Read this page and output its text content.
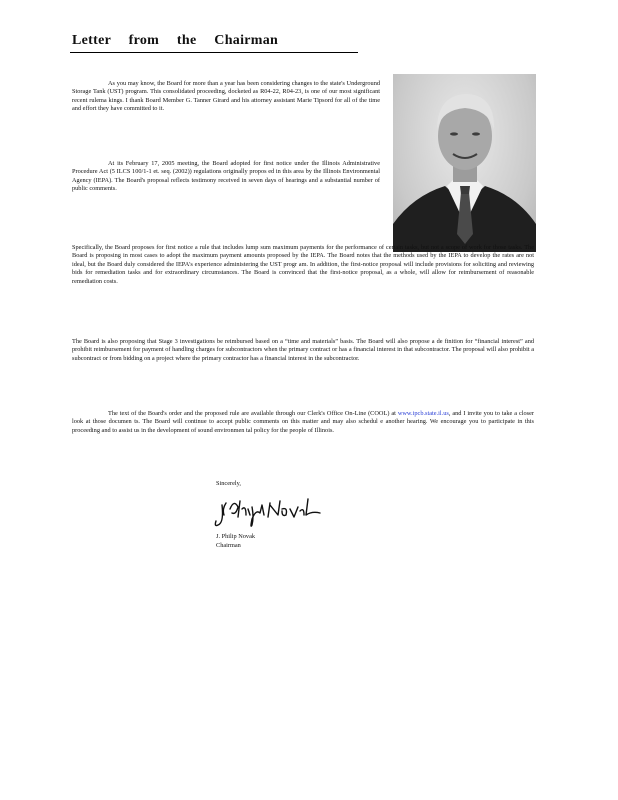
Letter from the Chairman

As you may know, the Board for more than a year has been considering changes to the state's Underground Storage Tank (UST) program. This consolidated proceeding, docketed as R04-22, R04-23, is one of our most significant recent rulema kings. I thank Board Member G. Tanner Girard and his attorney assistant Marie Tipsord for all of the time and effort they have committed to it.

At its February 17, 2005 meeting, the Board adopted for first notice under the Illinois Administrative Procedure Act (5 ILCS 100/1-1 et. seq. (2002)) regulations originally propos ed in this area by the Illinois Environmental Agency (IEPA). The Board's proposal reflects testimony received in seven days of hearings and a substantial number of public comments.

Specifically, the Board proposes for first notice a rule that includes lump sum maximum payments for the performance of certain tasks, but not a scope of work for those tasks. The Board is proposing in most cases to adopt the maximum payment amounts proposed by the IEPA. The Board notes that the methods used by the IEPA to develop the rates are not ideal, but the Board duly considered the IEPA's experience administering the UST progr am. In addition, the first-notice proposal will include provisions for soliciting and reviewing bids for remediation tasks and for extraordinary circumstances. The Board is convinced that the first-notice proposal, as a whole, will allow for reimbursement of reasonable remediation costs.

The Board is also proposing that Stage 3 investigations be reimbursed based on a “time and materials” basis. The Board will also propose a de finition for “financial interest” and prohibit reimbursement for payment of handling charges for subcontractors when the primary contract or has a financial interest in that subcontractor. The proposal will also prohibit a subcontract or from bidding on a project where the primary contractor has a financial interest in the subcontractor.

The text of the Board's order and the proposed rule are available through our Clerk's Office On-Line (COOL) at www.ipcb.state.il.us, and I invite you to take a closer look at those documen ts. The Board will continue to accept public comments on this matter and may also schedul e another hearing. We encourage you to participate in this proceeding and to assist us in the development of sound environmen tal policy for the people of Illinois.

Sincerely,
J. Philip Novak
Chairman
